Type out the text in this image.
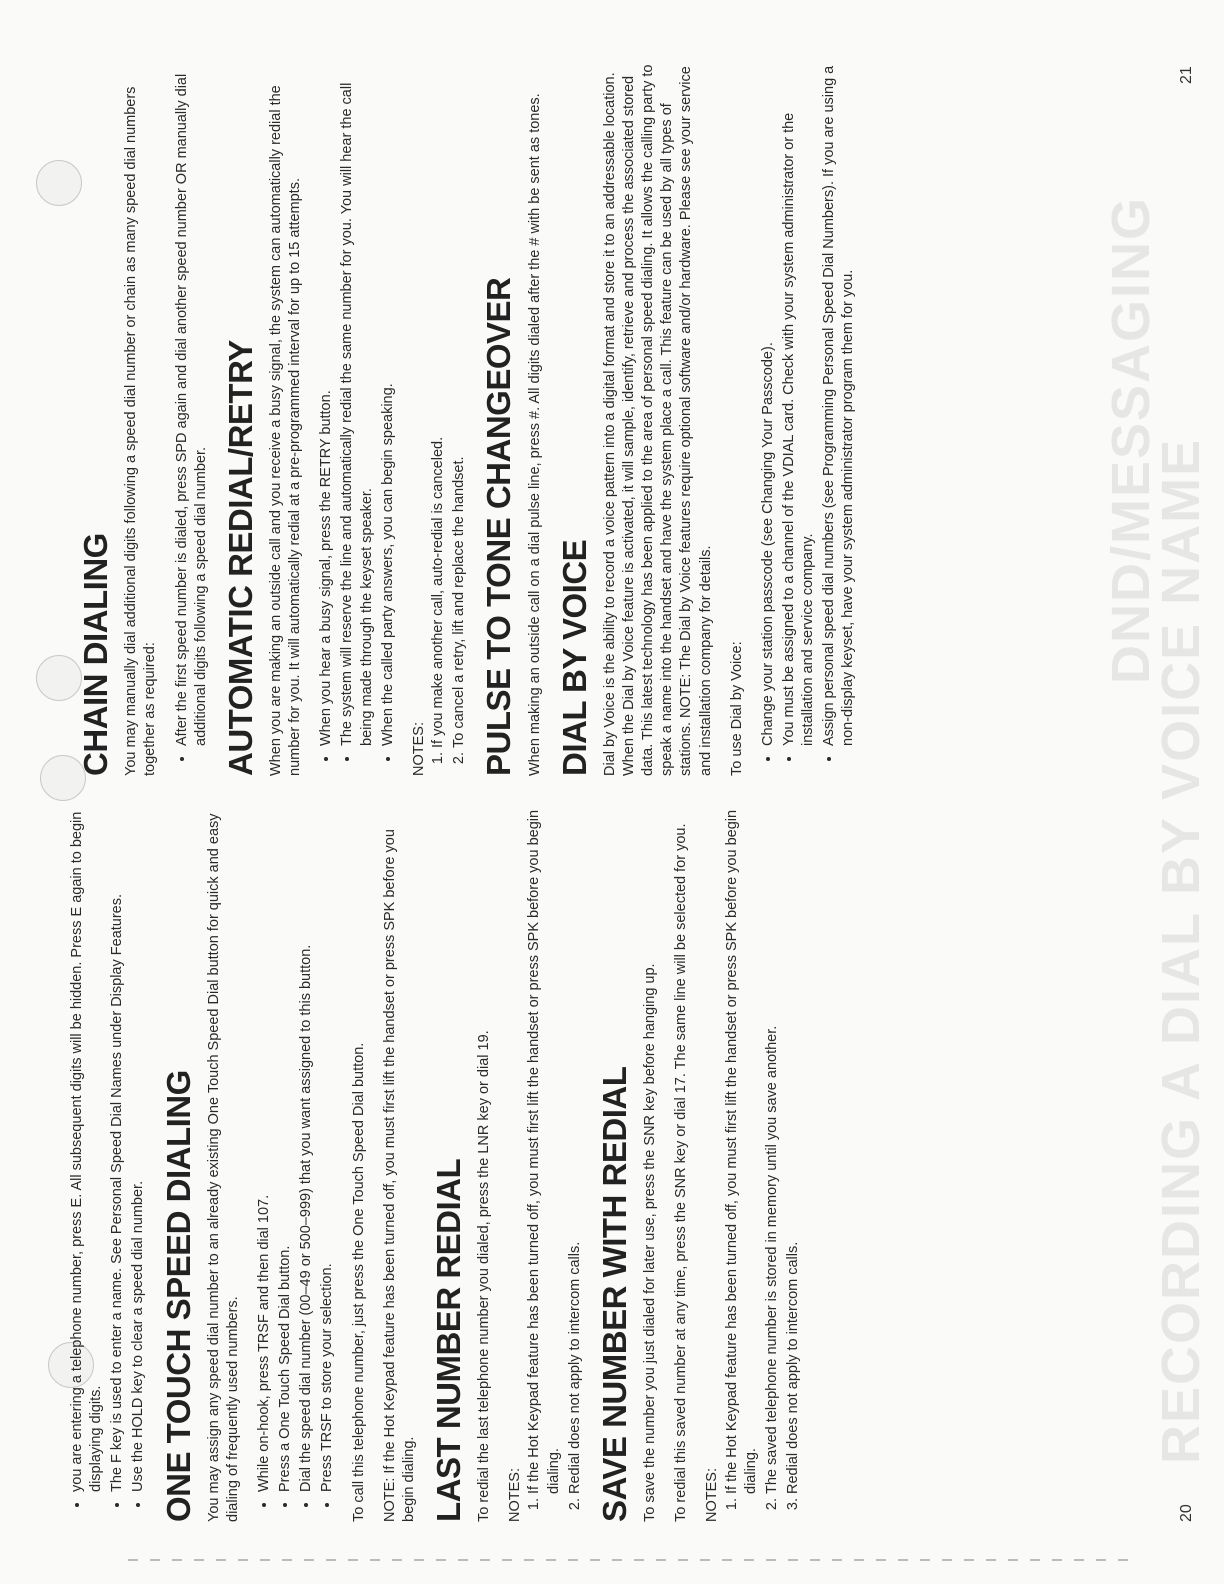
RECORDING A DIAL BY VOICE NAME
DND/MESSAGING
20
21
• you are entering a telephone number, press E. All subsequent digits will be hidden. Press E again to begin displaying digits. • The F key is used to enter a name. See Personal Speed Dial Names under Display Features. • Use the HOLD key to clear a speed dial number. ONE TOUCH SPEED DIALING You may assign any speed dial number to an already existing One Touch Speed Dial button for quick and easy dialing of frequently used numbers. • While on-hook, press TRSF and then dial 107. • Press a One Touch Speed Dial button. • Dial the speed dial number (00–49 or 500–999) that you want assigned to this button. • Press TRSF to store your selection. To call this telephone number, just press the One Touch Speed Dial button. NOTE: If the Hot Keypad feature has been turned off, you must first lift the handset or press SPK before you begin dialing. LAST NUMBER REDIAL To redial the last telephone number you dialed, press the LNR key or dial 19. NOTES:
1. If the Hot Keypad feature has been turned off, you must first lift the handset or press SPK before you begin dialing. 2. Redial does not apply to intercom calls. SAVE NUMBER WITH REDIAL To save the number you just dialed for later use, press the SNR key before hanging up. To redial this saved number at any time, press the SNR key or dial 17. The same line will be selected for you. NOTES:
1. If the Hot Keypad feature has been turned off, you must first lift the handset or press SPK before you begin dialing. 2. The saved telephone number is stored in memory until you save another. 3. Redial does not apply to intercom calls.
CHAIN DIALING You may manually dial additional digits following a speed dial number or chain as many speed dial numbers together as required: • After the first speed number is dialed, press SPD again and dial another speed number OR manually dial additional digits following a speed dial number. AUTOMATIC REDIAL/RETRY When you are making an outside call and you receive a busy signal, the system can automatically redial the number for you. It will automatically redial at a pre-programmed interval for up to 15 attempts. • When you hear a busy signal, press the RETRY button. • The system will reserve the line and automatically redial the same number for you. You will hear the call being made through the keyset speaker. • When the called party answers, you can begin speaking.
NOTES:
1. If you make another call, auto-redial is canceled. 2. To cancel a retry, lift and replace the handset. PULSE TO TONE CHANGEOVER When making an outside call on a dial pulse line, press #. All digits dialed after the # with be sent as tones. DIAL BY VOICE Dial by Voice is the ability to record a voice pattern into a digital format and store it to an addressable location. When the Dial by Voice feature is activated, it will sample, identify, retrieve and process the associated stored data. This latest technology has been applied to the area of personal speed dialing. It allows the calling party to speak a name into the handset and have the system place a call. This feature can be used by all types of stations. NOTE: The Dial by Voice features require optional software and/or hardware. Please see your service and installation company for details. To use Dial by Voice: • Change your station passcode (see Changing Your Passcode). • You must be assigned to a channel of the VDIAL card. Check with your system administrator or the installation and service company. • Assign personal speed dial numbers (see Programming Personal Speed Dial Numbers). If you are using a non-display keyset, have your system administrator program them for you.
